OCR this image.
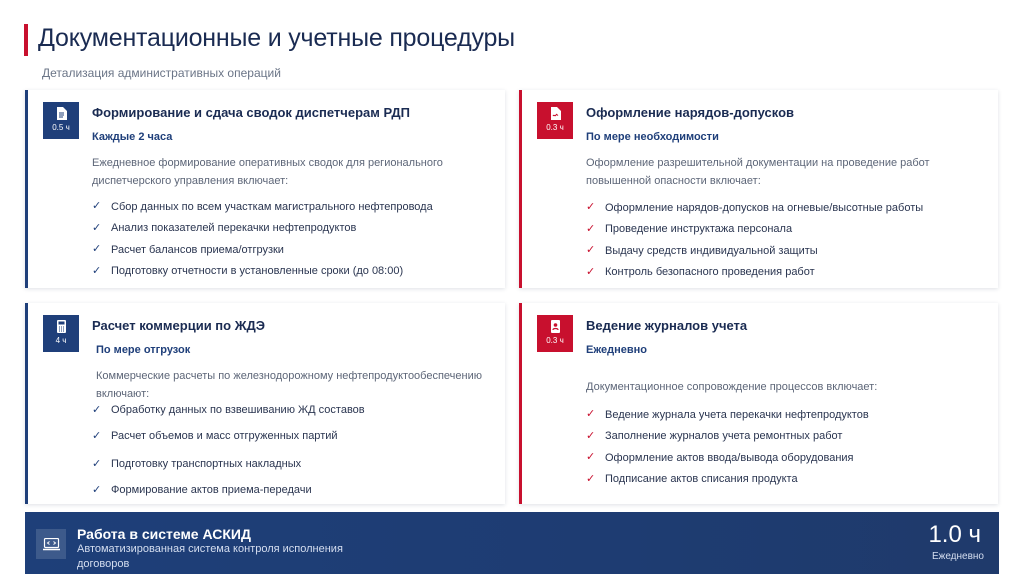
Документационные и учетные процедуры
Детализация административных операций
0.5 ч
Формирование и сдача сводок диспетчерам РДП
Каждые 2 часа
Ежедневное формирование оперативных сводок для регионального диспетчерского управления включает:
✓ Сбор данных по всем участкам магистрального нефтепровода
✓ Анализ показателей перекачки нефтепродуктов
✓ Расчет балансов приема/отгрузки
✓ Подготовку отчетности в установленные сроки (до 08:00)
0.3 ч
Оформление нарядов-допусков
По мере необходимости
Оформление разрешительной документации на проведение работ повышенной опасности включает:
✓ Оформление нарядов-допусков на огневые/высотные работы
✓ Проведение инструктажа персонала
✓ Выдачу средств индивидуальной защиты
✓ Контроль безопасного проведения работ
4 ч
Расчет коммерции по ЖДЭ
По мере отгрузок
Коммерческие расчеты по железнодорожному нефтепродуктообеспечению включают:
✓ Обработку данных по взвешиванию ЖД составов
✓ Расчет объемов и масс отгруженных партий
✓ Подготовку транспортных накладных
✓ Формирование актов приема-передачи
0.3 ч
Ведение журналов учета
Ежедневно
Документационное сопровождение процессов включает:
✓ Ведение журнала учета перекачки нефтепродуктов
✓ Заполнение журналов учета ремонтных работ
✓ Оформление актов ввода/вывода оборудования
✓ Подписание актов списания продукта
Работа в системе АСКИД
Автоматизированная система контроля исполнения договоров
1.0 ч
Ежедневно
